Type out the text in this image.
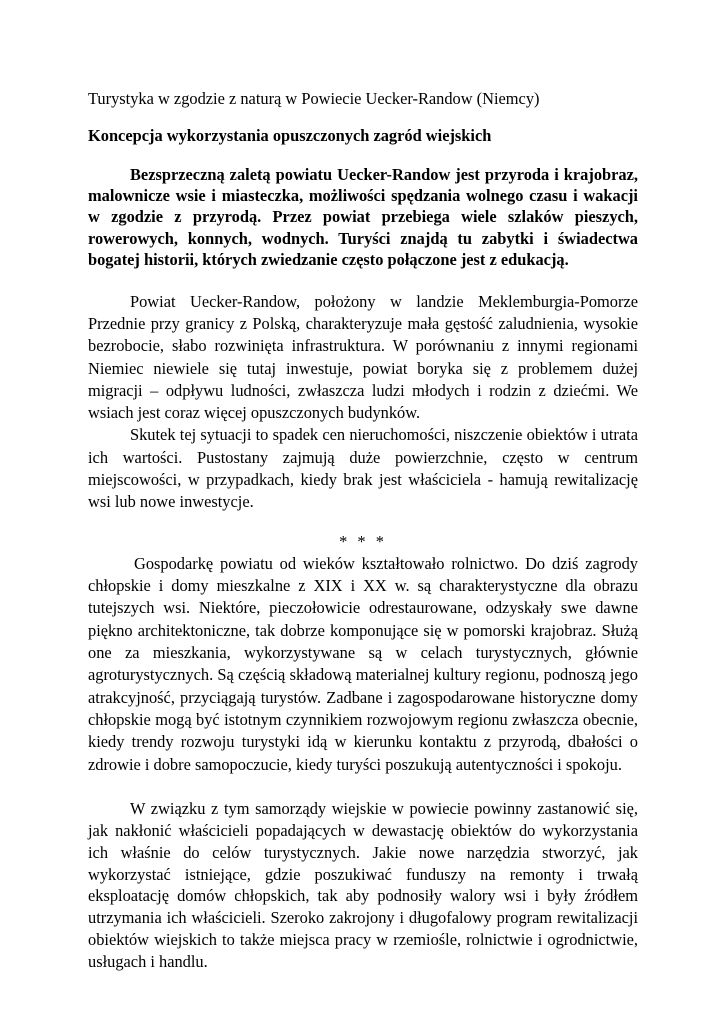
Turystyka w zgodzie z naturą w Powiecie Uecker-Randow (Niemcy)
Koncepcja wykorzystania opuszczonych zagród wiejskich

Bezsprzeczną zaletą powiatu Uecker-Randow jest przyroda i krajobraz, malownicze wsie i miasteczka, możliwości spędzania wolnego czasu i wakacji w zgodzie z przyrodą. Przez powiat przebiega wiele szlaków pieszych, rowerowych, konnych, wodnych. Turyści znajdą tu zabytki i świadectwa bogatej historii, których zwiedzanie często połączone jest z edukacją.

Powiat Uecker-Randow, położony w landzie Meklemburgia-Pomorze Przednie przy granicy z Polską, charakteryzuje mała gęstość zaludnienia, wysokie bezrobocie, słabo rozwinięta infrastruktura. W porównaniu z innymi regionami Niemiec niewiele się tutaj inwestuje, powiat boryka się z problemem dużej migracji – odpływu ludności, zwłaszcza ludzi młodych i rodzin z dziećmi. We wsiach jest coraz więcej opuszczonych budynków.

Skutek tej sytuacji to spadek cen nieruchomości, niszczenie obiektów i utrata ich wartości. Pustostany zajmują duże powierzchnie, często w centrum miejscowości, w przypadkach, kiedy brak jest właściciela - hamują rewitalizację wsi lub nowe inwestycje.

* * *

Gospodarkę powiatu od wieków kształtowało rolnictwo. Do dziś zagrody chłopskie i domy mieszkalne z XIX i XX w. są charakterystyczne dla obrazu tutejszych wsi. Niektóre, pieczołowicie odrestaurowane, odzyskały swe dawne piękno architektoniczne, tak dobrze komponujące się w pomorski krajobraz. Służą one za mieszkania, wykorzystywane są w celach turystycznych, głównie agroturystycznych. Są częścią składową materialnej kultury regionu, podnoszą jego atrakcyjność, przyciągają turystów. Zadbane i zagospodarowane historyczne domy chłopskie mogą być istotnym czynnikiem rozwojowym regionu zwłaszcza obecnie, kiedy trendy rozwoju turystyki idą w kierunku kontaktu z przyrodą, dbałości o zdrowie i dobre samopoczucie, kiedy turyści poszukują autentyczności i spokoju.

W związku z tym samorządy wiejskie w powiecie powinny zastanowić się, jak nakłonić właścicieli popadających w dewastację obiektów do wykorzystania ich właśnie do celów turystycznych. Jakie nowe narzędzia stworzyć, jak wykorzystać istniejące, gdzie poszukiwać funduszy na remonty i trwałą eksploatację domów chłopskich, tak aby podnosiły walory wsi i były źródłem utrzymania ich właścicieli. Szeroko zakrojony i długofalowy program rewitalizacji obiektów wiejskich to także miejsca pracy w rzemiośle, rolnictwie i ogrodnictwie, usługach i handlu.
